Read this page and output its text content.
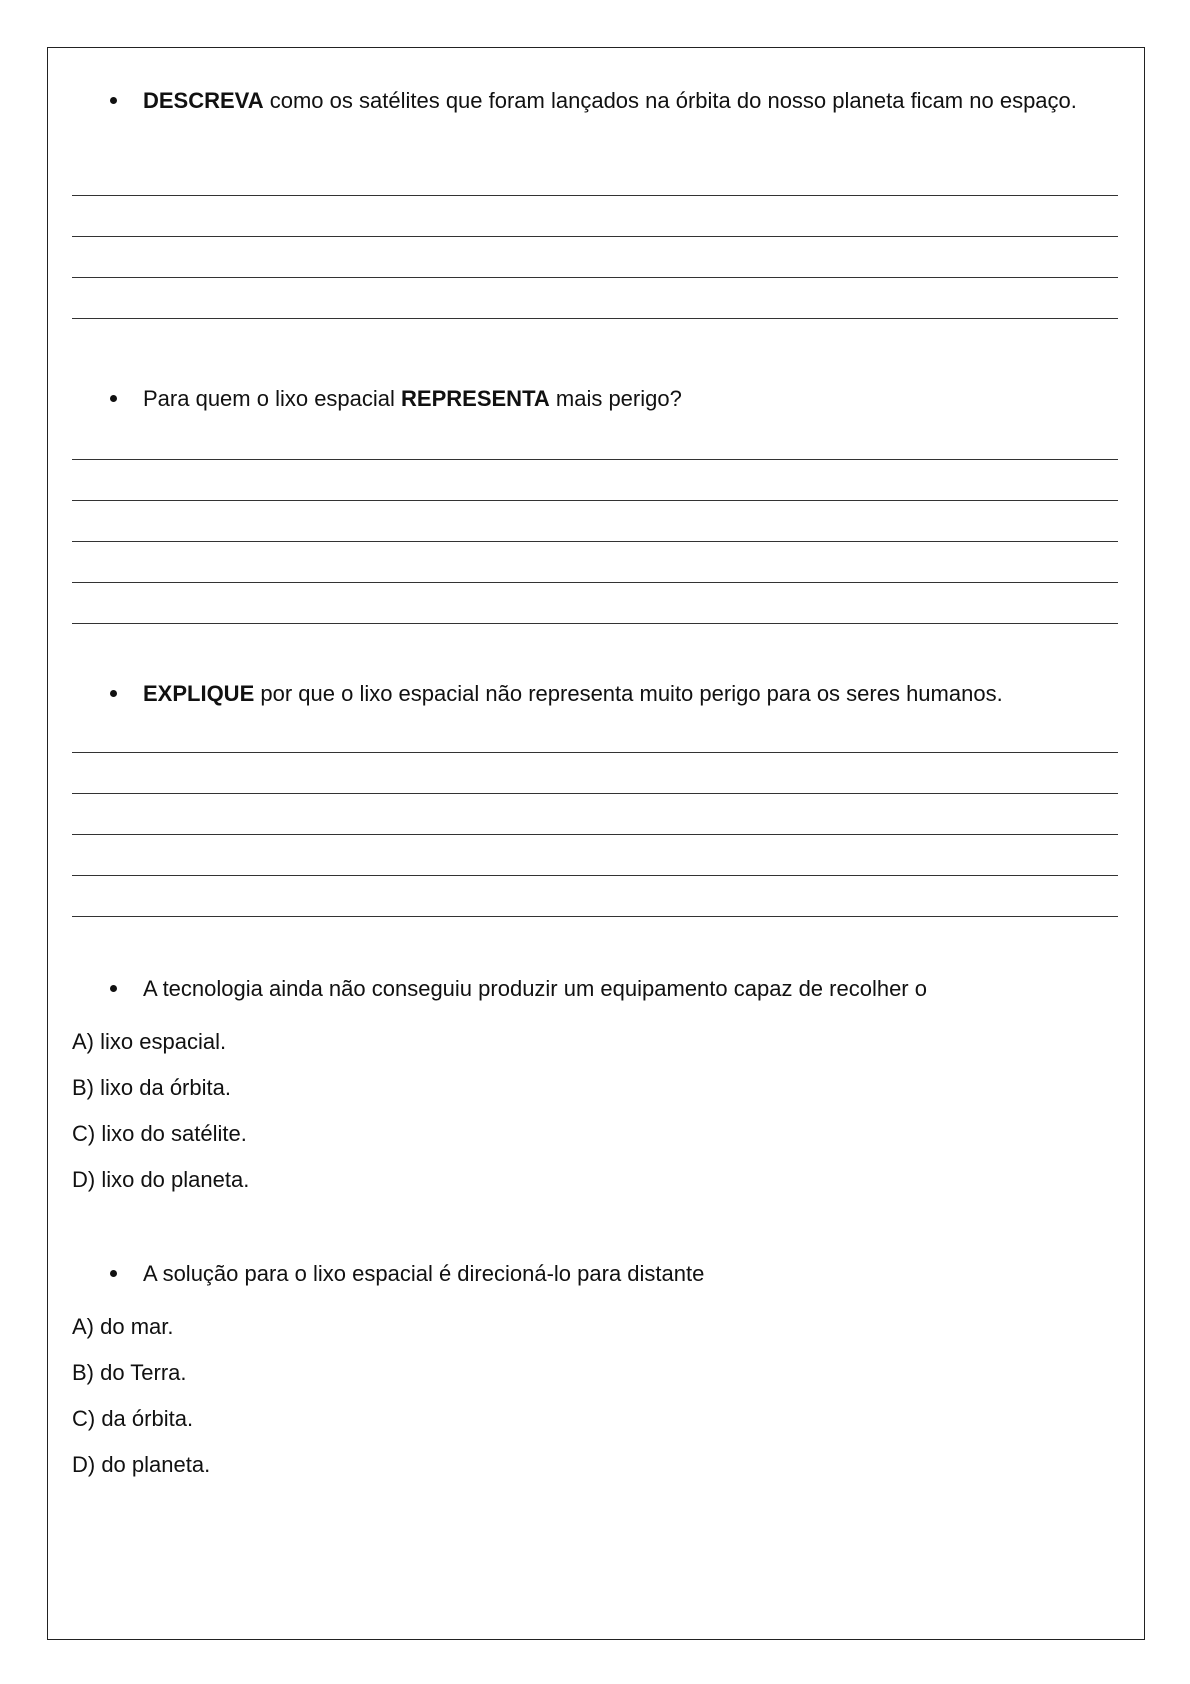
DESCREVA como os satélites que foram lançados na órbita do nosso planeta ficam no espaço.

Para quem o lixo espacial REPRESENTA mais perigo?

EXPLIQUE por que o lixo espacial não representa muito perigo para os seres humanos.

A tecnologia ainda não conseguiu produzir um equipamento capaz de recolher o

A) lixo espacial.

B) lixo da órbita.

C) lixo do satélite.

D) lixo do planeta.

A solução para o lixo espacial é direcioná-lo para distante

A) do mar.

B) do Terra.

C) da órbita.

D) do planeta.
